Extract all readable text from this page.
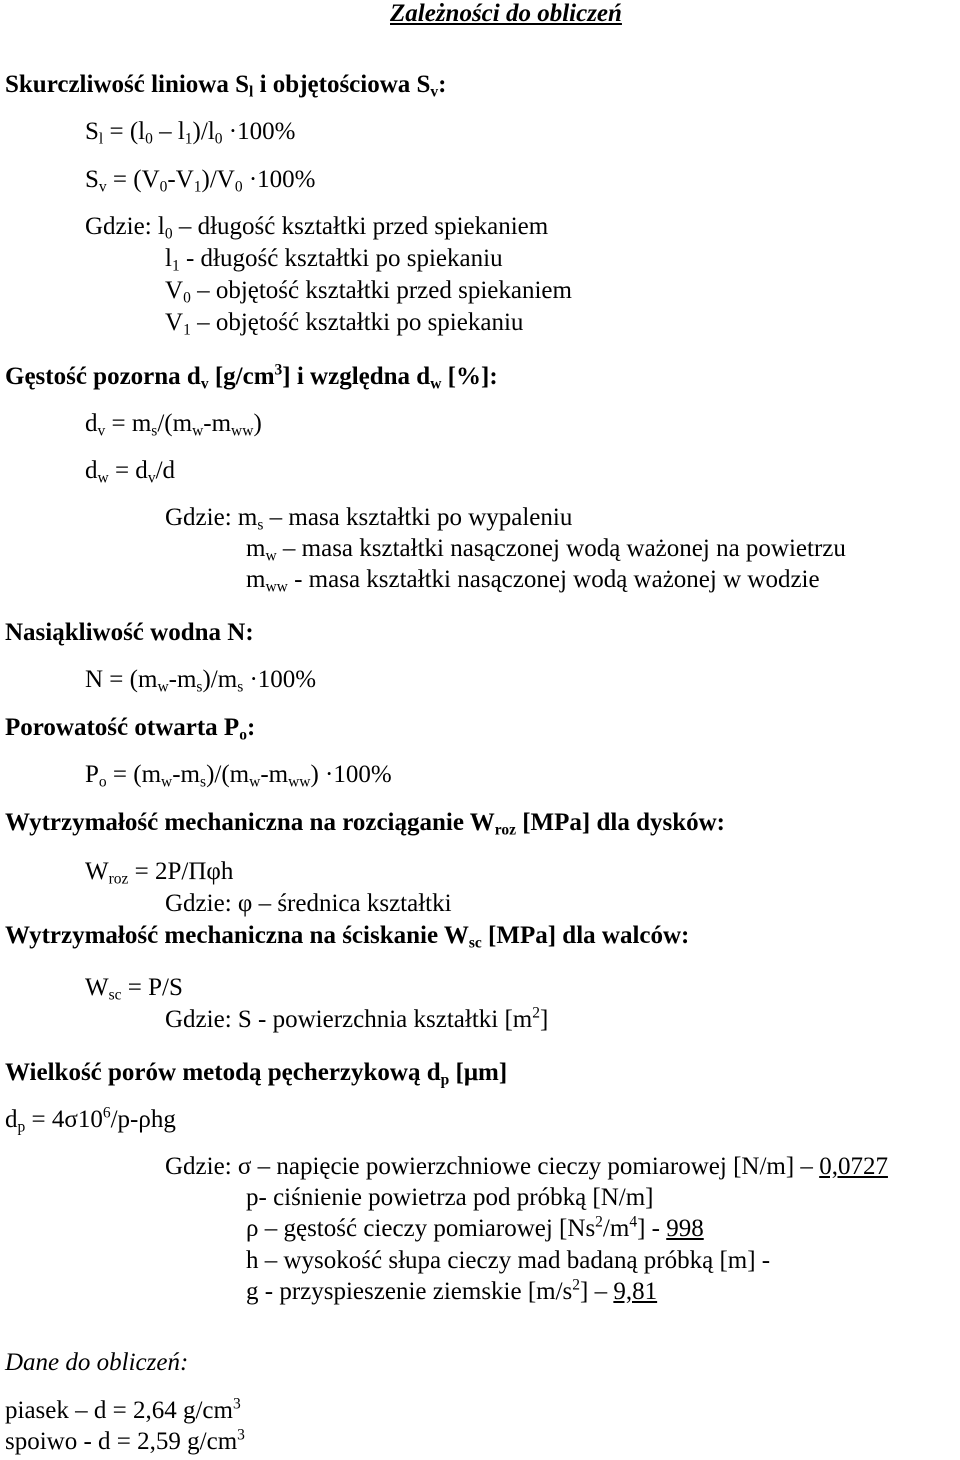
Zależności do obliczeń
Skurczliwość liniowa $S_l$ i objętościowa $S_v$:
$S_l = (l_0 - l_1)/l_0 \cdot 100\%$
$S_v = (V_0-V_1)/V_0 \cdot 100\%$
Gdzie: $l_0$ – długość kształtki przed spiekaniem
$l_1$ - długość kształtki po spiekaniu
$V_0$ – objętość kształtki przed spiekaniem
$V_1$ – objętość kształtki po spiekaniu
Gęstość pozorna $d_v$ $[g/cm^3]$ i względna $d_w$ [%]:
$d_v = m_s/(m_w-m_{ww})$
$d_w = d_v/d$
Gdzie: $m_s$ – masa kształtki po wypaleniu
$m_w$ – masa kształtki nasączonej wodą ważonej na powietrzu
$m_{ww}$ - masa kształtki nasączonej wodą ważonej w wodzie
Nasiąkliwość wodna N:
$N = (m_w-m_s)/m_s \cdot 100\%$
Porowatość otwarta $P_o$:
$P_o = (m_w-m_s)/(m_w-m_{ww}) \cdot 100\%$
Wytrzymałość mechaniczna na rozciąganie $W_{roz}$ [MPa] dla dysków:
$W_{roz} = 2P/\Pi\varphi h$
Gdzie: φ – średnica kształtki
Wytrzymałość mechaniczna na ściskanie $W_{sc}$ [MPa] dla walców:
$W_{sc} = P/S$
Gdzie: S - powierzchnia kształtki $[m^2]$
Wielkość porów metodą pęcherzykową $d_p$ [μm]
$d_p = 4\sigma 10^6/p-\rho hg$
Gdzie: σ – napięcie powierzchniowe cieczy pomiarowej [N/m] – 0,0727
p- ciśnienie powietrza pod próbką [N/m]
ρ – gęstość cieczy pomiarowej $[Ns^2/m^4] - 998$
h – wysokość słupa cieczy mad badaną próbką [m] -
g - przyspieszenie ziemskie $[m/s^2] - 9,81$
Dane do obliczeń:
piasek – d = 2,64 $g/cm^3$
spoiwo - d = 2,59 $g/cm^3$
